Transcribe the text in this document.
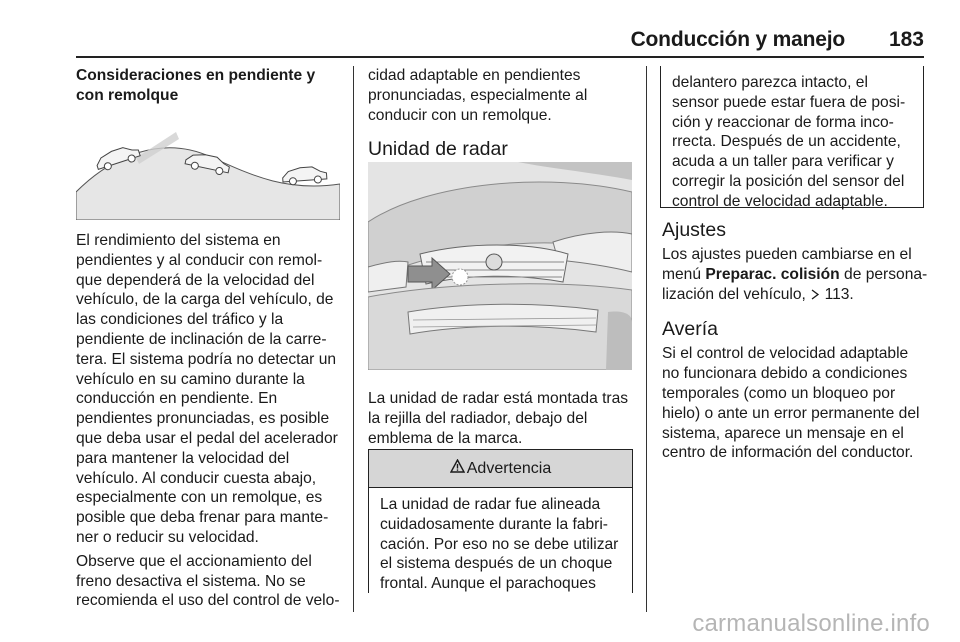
Conducción y manejo	183

Consideraciones en pendiente y con remolque

El rendimiento del sistema en pendientes y al conducir con remol- que dependerá de la velocidad del vehículo, de la carga del vehículo, de las condiciones del tráfico y la pendiente de inclinación de la carre- tera. El sistema podría no detectar un vehículo en su camino durante la conducción en pendiente. En pendientes pronunciadas, es posible que deba usar el pedal del acelerador para mantener la velocidad del vehículo. Al conducir cuesta abajo, especialmente con un remolque, es posible que deba frenar para mante- ner o reducir su velocidad.

Observe que el accionamiento del freno desactiva el sistema. No se recomienda el uso del control de velo-

cidad adaptable en pendientes pronunciadas, especialmente al conducir con un remolque.

Unidad de radar

La unidad de radar está montada tras la rejilla del radiador, debajo del emblema de la marca.

Advertencia
La unidad de radar fue alineada cuidadosamente durante la fabri- cación. Por eso no se debe utilizar el sistema después de un choque frontal. Aunque el parachoques
delantero parezca intacto, el sensor puede estar fuera de posi- ción y reaccionar de forma inco- rrecta. Después de un accidente, acuda a un taller para verificar y corregir la posición del sensor del control de velocidad adaptable.

Ajustes

Los ajustes pueden cambiarse en el menú Preparac. colisión de persona- lización del vehículo,  113.

Avería

Si el control de velocidad adaptable no funcionara debido a condiciones temporales (como un bloqueo por hielo) o ante un error permanente del sistema, aparece un mensaje en el centro de información del conductor.

carmanualsonline.info
